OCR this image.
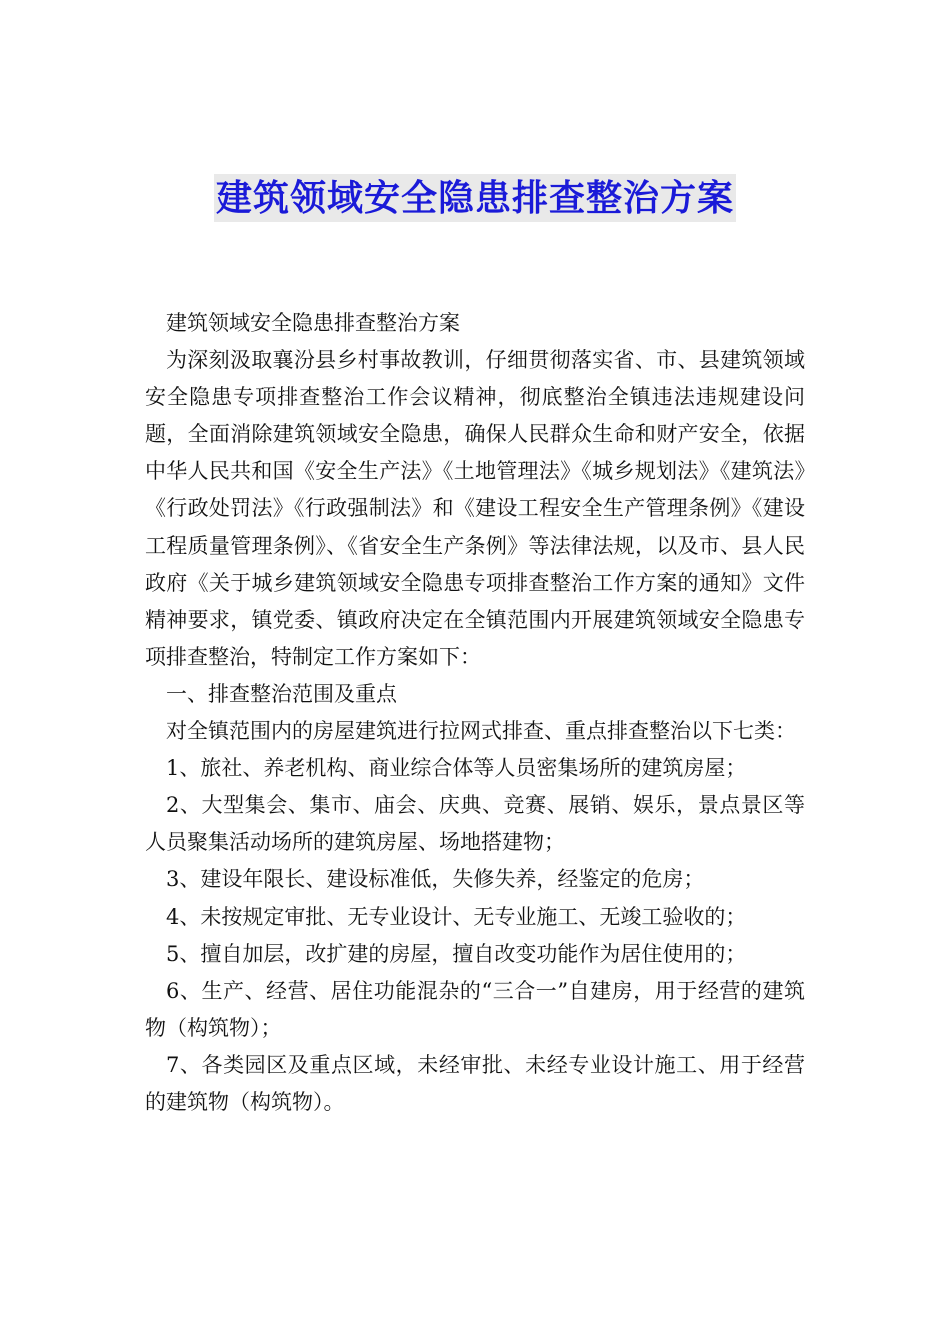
建筑领域安全隐患排查整治方案

建筑领域安全隐患排查整治方案

为深刻汲取襄汾县乡村事故教训，仔细贯彻落实省、市、县建筑领域安全隐患专项排查整治工作会议精神，彻底整治全镇违法违规建设问题，全面消除建筑领域安全隐患，确保人民群众生命和财产安全，依据中华人民共和国《安全生产法》《土地管理法》《城乡规划法》《建筑法》《行政处罚法》《行政强制法》和《建设工程安全生产管理条例》《建设工程质量管理条例》、《省安全生产条例》等法律法规，以及市、县人民政府《关于城乡建筑领域安全隐患专项排查整治工作方案的通知》文件精神要求，镇党委、镇政府决定在全镇范围内开展建筑领域安全隐患专项排查整治，特制定工作方案如下：

一、排查整治范围及重点

对全镇范围内的房屋建筑进行拉网式排查、重点排查整治以下七类：

1、旅社、养老机构、商业综合体等人员密集场所的建筑房屋；

2、大型集会、集市、庙会、庆典、竞赛、展销、娱乐，景点景区等人员聚集活动场所的建筑房屋、场地搭建物；

3、建设年限长、建设标准低，失修失养，经鉴定的危房；

4、未按规定审批、无专业设计、无专业施工、无竣工验收的；

5、擅自加层，改扩建的房屋，擅自改变功能作为居住使用的；

6、生产、经营、居住功能混杂的“三合一”自建房，用于经营的建筑物（构筑物）；

7、各类园区及重点区域，未经审批、未经专业设计施工、用于经营的建筑物（构筑物）。
